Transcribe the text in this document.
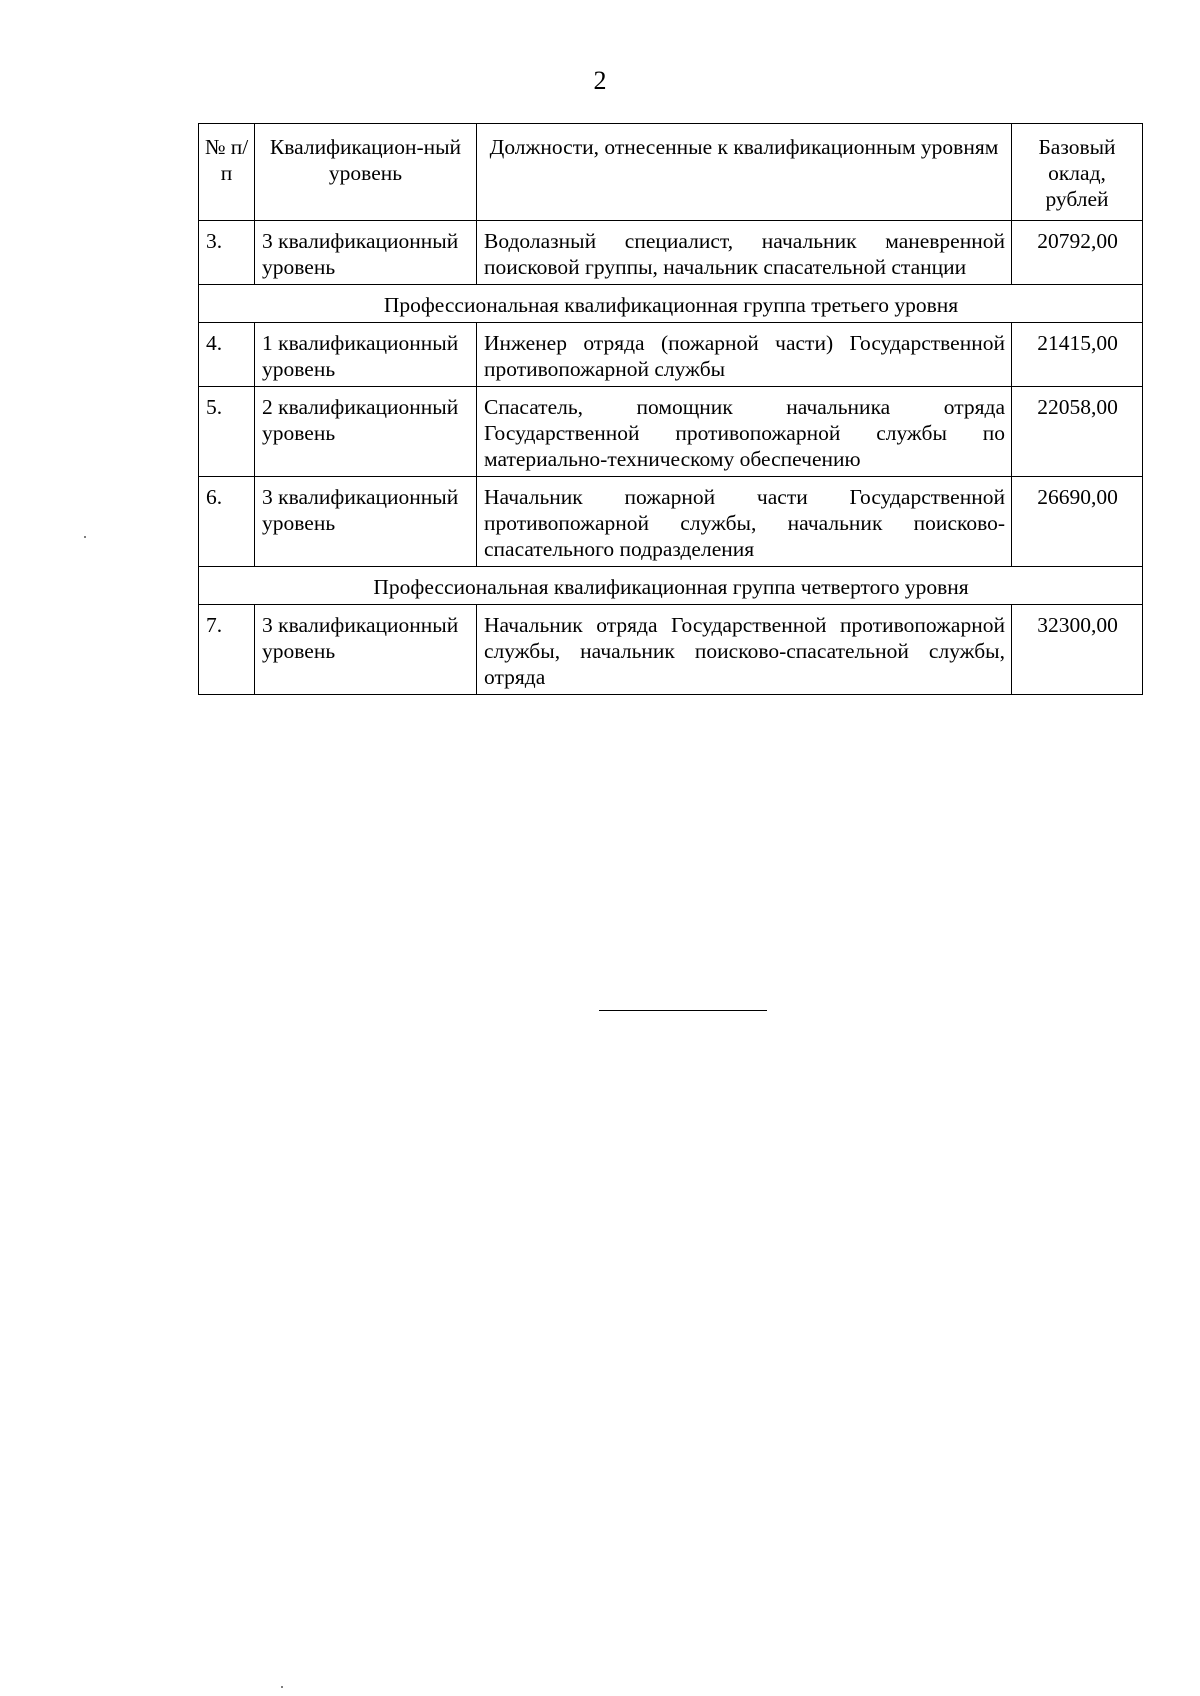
2
№ п/п	Квалификацион-ный уровень	Должности, отнесенные к квалификационным уровням	Базовый оклад, рублей
3.	3 квалификационный уровень	Водолазный специалист, начальник маневренной поисковой группы, начальник спасательной станции	20792,00
Профессиональная квалификационная группа третьего уровня			
4.	1 квалификационный уровень	Инженер отряда (пожарной части) Государственной противопожарной службы	21415,00
5.	2 квалификационный уровень	Спасатель, помощник начальника отряда Государственной противопожарной службы по материально-техническому обеспечению	22058,00
6.	3 квалификационный уровень	Начальник пожарной части Государственной противопожарной службы, начальник поисково-спасательного подразделения	26690,00
Профессиональная квалификационная группа четвертого уровня			
7.	3 квалификационный уровень	Начальник отряда Государственной противопожарной службы, начальник поисково-спасательной службы, отряда	32300,00
